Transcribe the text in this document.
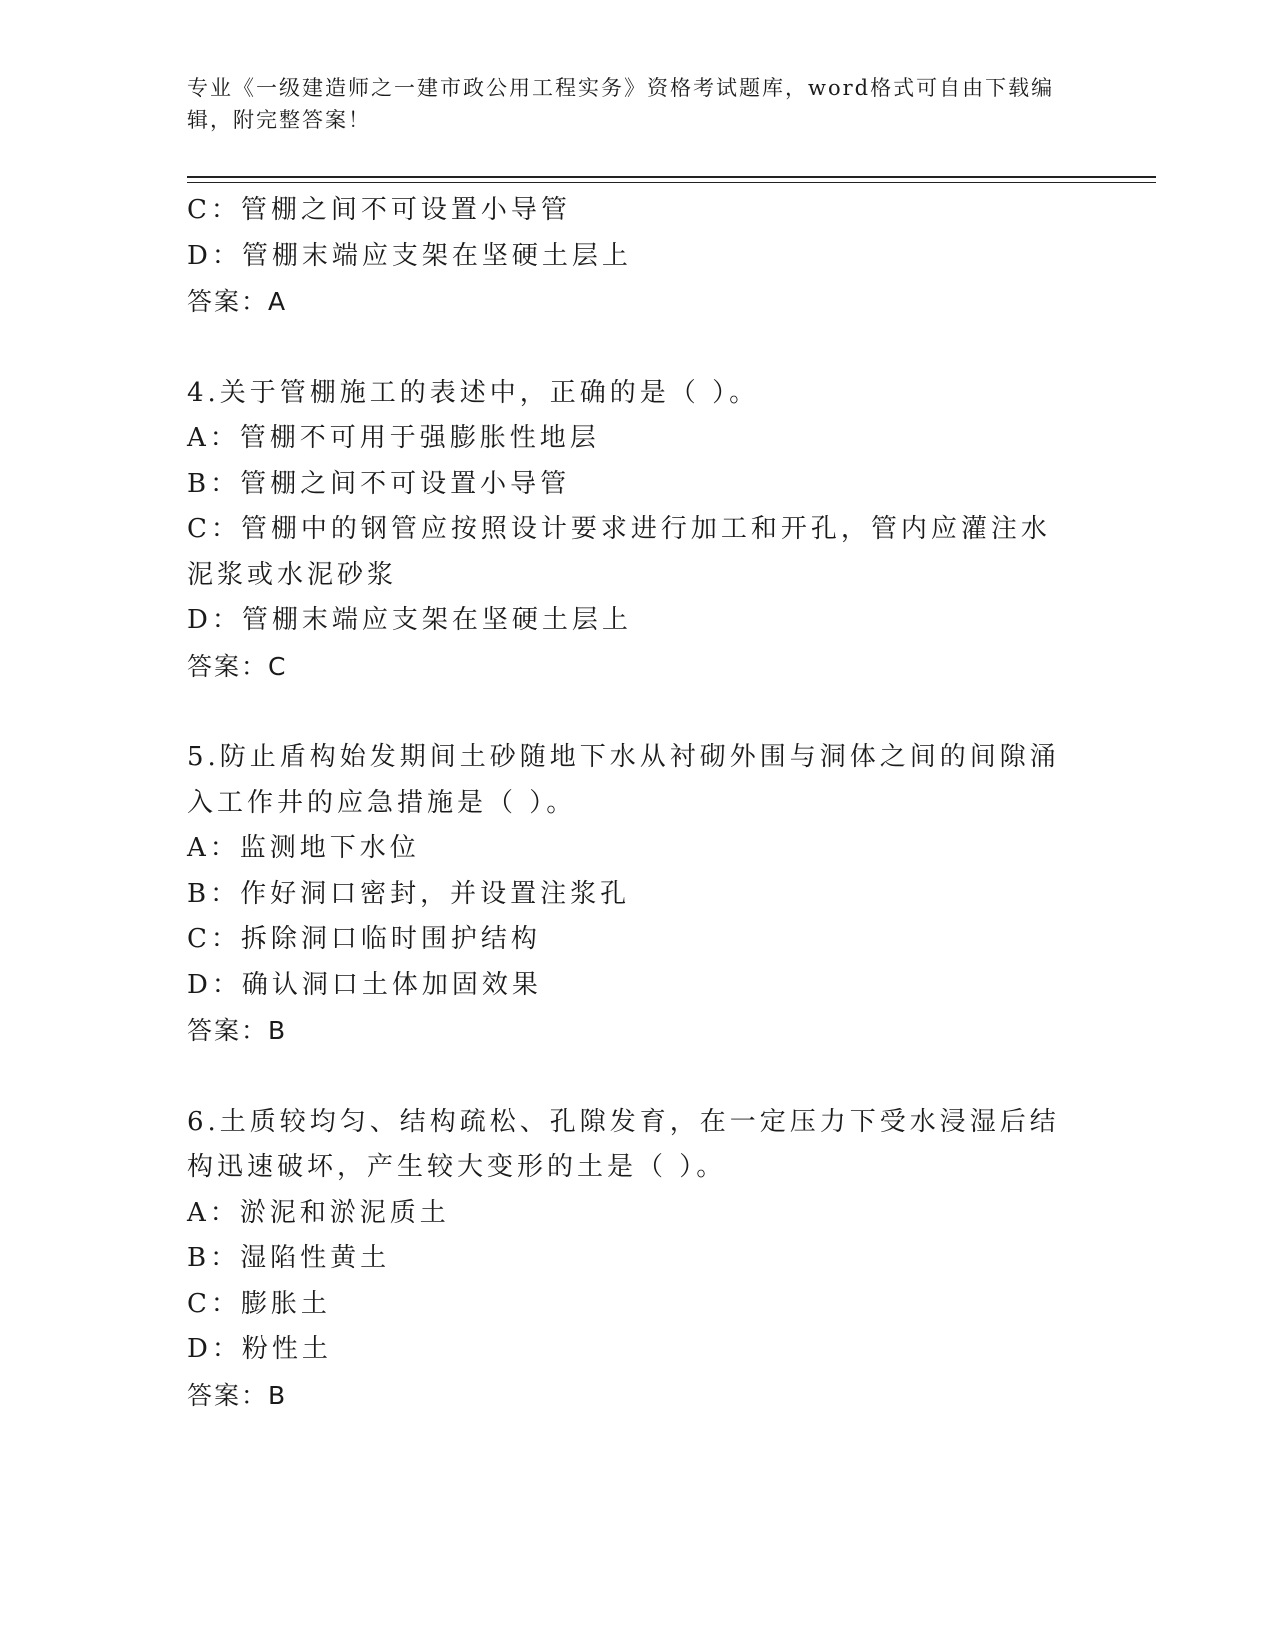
专业《一级建造师之一建市政公用工程实务》资格考试题库，word格式可自由下载编辑，附完整答案！
C：管棚之间不可设置小导管
D：管棚末端应支架在坚硬土层上
答案：A
4.关于管棚施工的表述中，正确的是（ ）。
A：管棚不可用于强膨胀性地层
B：管棚之间不可设置小导管
C：管棚中的钢管应按照设计要求进行加工和开孔，管内应灌注水泥浆或水泥砂浆
D：管棚末端应支架在坚硬土层上
答案：C
5.防止盾构始发期间土砂随地下水从衬砌外围与洞体之间的间隙涌入工作井的应急措施是（ ）。
A：监测地下水位
B：作好洞口密封，并设置注浆孔
C：拆除洞口临时围护结构
D：确认洞口土体加固效果
答案：B
6.土质较均匀、结构疏松、孔隙发育，在一定压力下受水浸湿后结构迅速破坏，产生较大变形的土是（ ）。
A：淤泥和淤泥质土
B：湿陷性黄土
C：膨胀土
D：粉性土
答案：B
